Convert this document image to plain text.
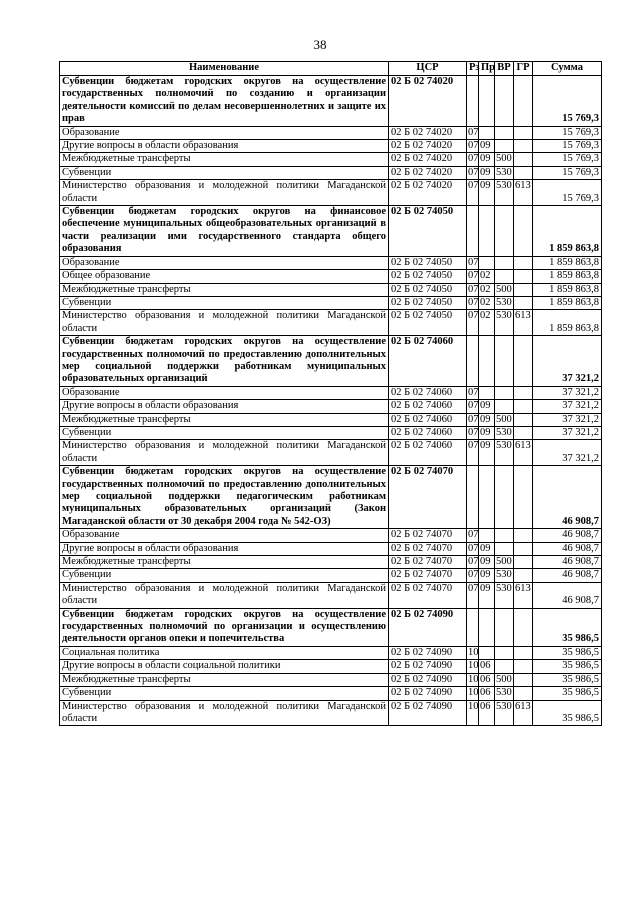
38
Наименование	ЦСР	Рз	Пр	ВР	ГР	Сумма
Субвенции бюджетам городских округов на осуществление государственных полномочий по созданию и организации деятельности комиссий по делам несовершеннолетних и защите их прав	02 Б 02 74020					15 769,3
Образование	02 Б 02 74020	07				15 769,3
Другие вопросы в области образования	02 Б 02 74020	07	09			15 769,3
Межбюджетные трансферты	02 Б 02 74020	07	09	500		15 769,3
Субвенции	02 Б 02 74020	07	09	530		15 769,3
Министерство образования и молодежной политики Магаданской области	02 Б 02 74020	07	09	530	613	15 769,3
Субвенции бюджетам городских округов на финансовое обеспечение муниципальных общеобразовательных организаций в части реализации ими государственного стандарта общего образования	02 Б 02 74050					1 859 863,8
Образование	02 Б 02 74050	07				1 859 863,8
Общее образование	02 Б 02 74050	07	02			1 859 863,8
Межбюджетные трансферты	02 Б 02 74050	07	02	500		1 859 863,8
Субвенции	02 Б 02 74050	07	02	530		1 859 863,8
Министерство образования и молодежной политики Магаданской области	02 Б 02 74050	07	02	530	613	1 859 863,8
Субвенции бюджетам городских округов на осуществление государственных полномочий по предоставлению дополнительных мер социальной поддержки работникам муниципальных образовательных организаций	02 Б 02 74060					37 321,2
Образование	02 Б 02 74060	07				37 321,2
Другие вопросы в области образования	02 Б 02 74060	07	09			37 321,2
Межбюджетные трансферты	02 Б 02 74060	07	09	500		37 321,2
Субвенции	02 Б 02 74060	07	09	530		37 321,2
Министерство образования и молодежной политики Магаданской области	02 Б 02 74060	07	09	530	613	37 321,2
Субвенции бюджетам городских округов на осуществление государственных полномочий по предоставлению дополнительных мер социальной поддержки педагогическим работникам муниципальных образовательных организаций (Закон Магаданской области от 30 декабря 2004 года № 542-ОЗ)	02 Б 02 74070					46 908,7
Образование	02 Б 02 74070	07				46 908,7
Другие вопросы в области образования	02 Б 02 74070	07	09			46 908,7
Межбюджетные трансферты	02 Б 02 74070	07	09	500		46 908,7
Субвенции	02 Б 02 74070	07	09	530		46 908,7
Министерство образования и молодежной политики Магаданской области	02 Б 02 74070	07	09	530	613	46 908,7
Субвенции бюджетам городских округов на осуществление государственных полномочий по организации и осуществлению деятельности органов опеки и попечительства	02 Б 02 74090					35 986,5
Социальная политика	02 Б 02 74090	10				35 986,5
Другие вопросы в области социальной политики	02 Б 02 74090	10	06			35 986,5
Межбюджетные трансферты	02 Б 02 74090	10	06	500		35 986,5
Субвенции	02 Б 02 74090	10	06	530		35 986,5
Министерство образования и молодежной политики Магаданской области	02 Б 02 74090	10	06	530	613	35 986,5
